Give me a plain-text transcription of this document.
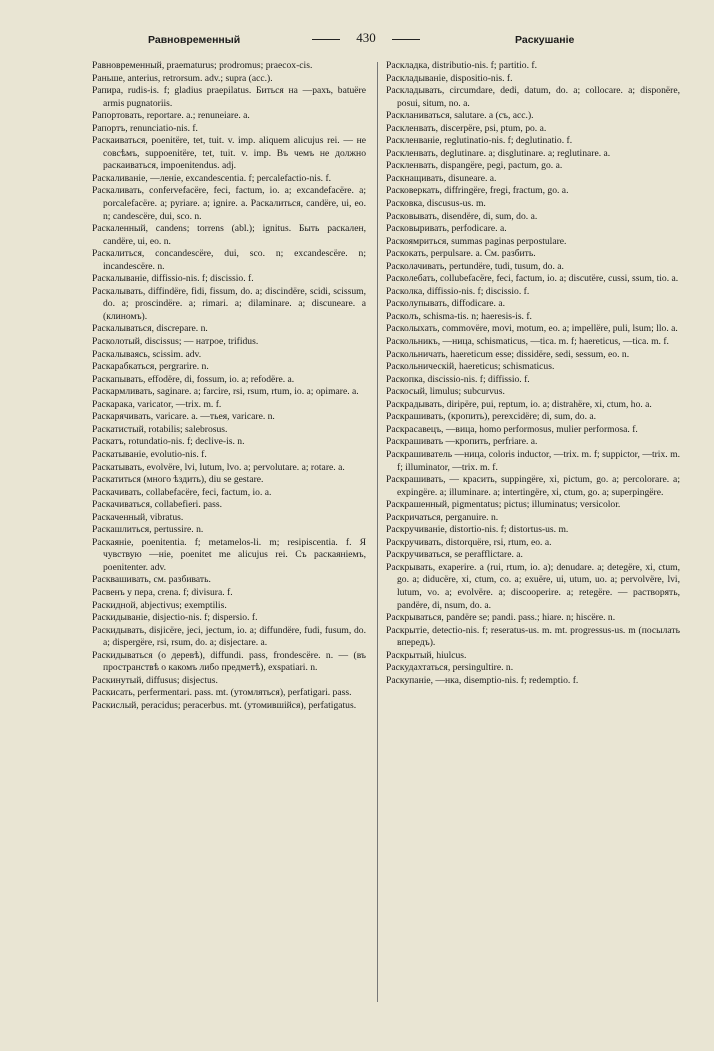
Равновременный	430	Раскушаніе

Равновременный, praematurus; prodromus; praecox-cis.

Раньше, anterius, retrorsum. adv.; supra (acc.).

Рапира, rudis-is. f; gladius praepilatus. Биться на —рахъ, batuëre armis pugnatoriis.

Рапортовать, reportare. a.; renuneiare. a.

Рапортъ, renunciatio-nis. f.

Раскаиваться, poenitëre, tet, tuit. v. imp. aliquem alicujus rei. — не совсѣмъ, suppoenitëre, tet, tuit. v. imp. Въ чемъ не должно раскаиваться, impoenitendus. adj.

Раскаливаніе, —ленie, excandescentia. f; percalefactio-nis. f.

Раскаливать, confervefacëre, feci, factum, io. a; excandefacëre. a; porcalefacëre. a; pyriare. a; ignire. a. Раскалиться, candëre, ui, eo. n; candescëre, dui, sco. n.

Раскаленный, candens; torrens (abl.); ignitus. Быть раскален, candëre, ui, eo. n.

Раскалиться, concandescëre, dui, sco. n; excandescëre. n; incandescëre. n.

Раскалываніе, diffissio-nis. f; discissio. f.

Раскалывать, diffindëre, fidi, fissum, do. a; discindëre, scidi, scissum, do. a; proscindëre. a; rimari. a; dilaminare. a; discuneare. a (клиномъ).

Раскалываться, discrepare. n.

Расколотый, discissus; — натрое, trifidus.

Раскалываясь, scissim. adv.

Раскарабкаться, pergrarire. n.

Раскапывать, effodëre, di, fossum, io. a; refodëre. a.

Раскармливать, saginare. a; farcire, rsi, rsum, rtum, io. a; opimare. a.

Раскарака, varicator, —trix. m. f.

Раскарячивать, varicare. a. —тьея, varicare. n.

Раскатистый, rotabilis; salebrosus.

Раскатъ, rotundatio-nis. f; declive-is. n.

Раскатываніе, evolutio-nis. f.

Раскатывать, evolvëre, lvi, lutum, lvo. a; pervolutare. a; rotare. a.

Раскатиться (много ѣздить), diu se gestare.

Раскачивать, collabefacëre, feci, factum, io. a.

Раскачиваться, collabefieri. pass.

Раскаченный, vibratus.

Раскашлиться, pertussire. n.

Раскаяніе, poenitentia. f; metamelos-li. m; resipiscentia. f. Я чувствую —ніе, poenitet me alicujus rei. Съ раскаяніемъ, poenitenter. adv.

Расквашивать, см. разбивать.

Расвенъ у пера, crena. f; divisura. f.

Раскидной, abjectivus; exemptilis.

Раскидываніе, disjectio-nis. f; dispersio. f.

Раскидывать, disjicëre, jeci, jectum, io. a; diffundëre, fudi, fusum, do. a; dispergëre, rsi, rsum, do. a; disjectare. a.

Раскидываться (о деревѣ), diffundi. pass, frondescëre. n. — (въ пространствѣ о какомъ либо предметѣ), exspatiari. n.

Раскинутый, diffusus; disjectus.

Раскисать, perfermentari. pass. mt. (утомляться), perfatigari. pass.

Раскислый, peracidus; peracerbus. mt. (утомившійся), perfatigatus.

Раскладка, distributio-nis. f; partitio. f.

Раскладываніе, dispositio-nis. f.

Раскладывать, circumdare, dedi, datum, do. a; collocare. a; disponëre, posui, situm, no. a.

Раскланиваться, salutare. a (съ, acc.).

Раскленвать, discerpëre, psi, ptum, po. a.

Раскленваніе, reglutinatio-nis. f; deglutinatio. f.

Раскленвать, deglutinare. a; disglutinare. a; reglutinare. a.

Раскленвать, dispangëre, pegi, pactum, go. a.

Раскнащивать, disuneare. a.

Расковеркать, diffringëre, fregi, fractum, go. a.

Расковка, discusus-us. m.

Расковывать, disendëre, di, sum, do. a.

Расковыривать, perfodicare. a.

Раскоямриться, summas paginas perpostulare.

Раскокать, perpulsare. a. См. разбить.

Расколачивать, pertundëre, tudi, tusum, do. a.

Расколебать, collubefacëre, feci, factum, io. a; discutëre, cussi, ssum, tio. a.

Расколка, diffissio-nis. f; discissio. f.

Расколупывать, diffodicare. a.

Расколъ, schisma-tis. n; haeresis-is. f.

Расколыхать, commovëre, movi, motum, eo. a; impellëre, puli, lsum; llo. a.

Раскольникъ, —ница, schismaticus, —tica. m. f; haereticus, —tica. m. f.

Раскольничать, haereticum esse; dissidëre, sedi, sessum, eo. n.

Раскольническій, haereticus; schismaticus.

Раскопка, discissio-nis. f; diffissio. f.

Раскосый, limulus; subcurvus.

Раскрадывать, diripëre, pui, reptum, io. a; distrahëre, xi, ctum, ho. a.

Раскрашивать, (кропить), perexcidëre; di, sum, do. a.

Раскрасавецъ, —вица, homo performosus, mulier performosa. f.

Раскрашивать —кропить, perfriare. a.

Раскрашиватель —ница, coloris inductor, —trix. m. f; suppictor, —trix. m. f; illuminator, —trix. m. f.

Раскрашивать, — красить, suppingëre, xi, pictum, go. a; percolorare. a; expingëre. a; illuminare. a; intertingëre, xi, ctum, go. a; superpingëre.

Раскрашенный, pigmentatus; pictus; illuminatus; versicolor.

Раскричаться, perganuire. n.

Раскручиваніе, distortio-nis. f; distortus-us. m.

Раскручивать, distorquëre, rsi, rtum, eo. a.

Раскручиваться, se perafflictare. a.

Раскрывать, exaperire. a (rui, rtum, io. a); denudare. a; detegëre, xi, ctum, go. a; diducëre, xi, ctum, co. a; exuëre, ui, utum, uo. a; pervolvëre, lvi, lutum, vo. a; evolvëre. a; discooperire. a; retegëre. — растворять, pandëre, di, nsum, do. a.

Раскрываться, pandëre se; pandi. pass.; hiare. n; hiscëre. n.

Раскрытіе, detectio-nis. f; reseratus-us. m. mt. progressus-us. m (посылать впередъ).

Раскрытый, hiulcus.

Раскудахтаться, persingultire. n.

Раскупаніе, —нка, disemptio-nis. f; redemptio. f.
